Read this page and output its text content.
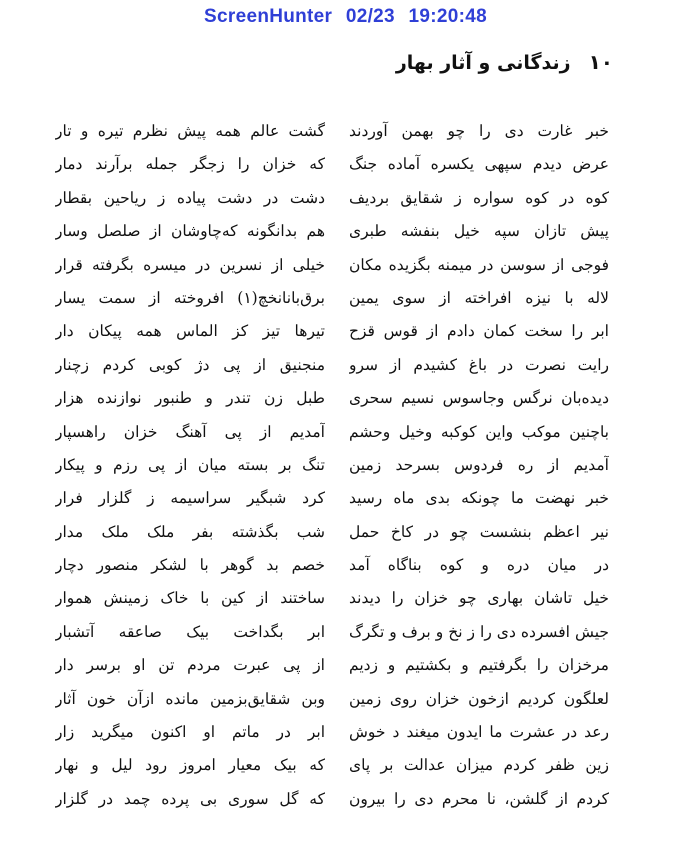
ScreenHunter 02/23 19:20:48
۱۰
زندگانی و آثار بهار
خبر غارت دی را چو بهمن آوردند
عرض دیدم سپهی یکسره آماده جنگ
کوه در کوه سواره ز شقایق بردیف
پیش تازان سپه خیل بنفشه طبری
فوجی از سوسن در میمنه بگزیده مکان
لاله با نیزه افراخته از سوی یمین
ابر را سخت کمان دادم از قوس قزح
رایت نصرت در باغ کشیدم از سرو
دیده‌بان نرگس وجاسوس نسیم سحری
باچنین موکب واین کوکبه وخیل وحشم
آمدیم از ره فردوس بسرحد زمین
خبر نهضت ما چونکه بدی ماه رسید
نیر اعظم بنشست چو در کاخ حمل
در میان دره و کوه بناگاه آمد
خیل تاشان بهاری چو خزان را دیدند
جیش افسرده دی را ز نخ و برف و تگرگ
مرخزان را بگرفتیم و بکشتیم و زدیم
لعلگون کردیم ازخون خزان روی زمین
رعد در عشرت ما ایدون میغند د خوش
زین ظفر کردم میزان عدالت بر پای
کردم از گلشن، نا محرم دی را بیرون
گشت عالم همه پیش نظرم تیره و تار
که خزان را زجگر جمله برآرند دمار
دشت در دشت پیاده ز ریاحین بقطار
هم بدانگونه که‌چاوشان از صلصل وسار
خیلی از نسرین در میسره بگرفته قرار
برق‌بانانخچ(۱) افروخته از سمت یسار
تیرها تیز کز الماس همه پیکان دار
منجنیق از پی دژ کوبی کردم زچنار
طبل زن تندر و طنبور نوازنده هزار
آمدیم از پی آهنگ خزان راهسپار
تنگ بر بسته میان از پی رزم و پیکار
کرد شبگیر سراسیمه ز گلزار فرار
شب بگذشته بفر ملک ملک مدار
خصم بد گوهر با لشکر منصور دچار
ساختند از کین با خاک زمینش هموار
ابر بگداخت بیک صاعقه آتشبار
از پی عبرت مردم تن او برسر دار
وبن شقایق‌بزمین مانده ازآن خون آثار
ابر در ماتم او اکنون میگرید زار
که بیک معیار امروز رود لیل و نهار
که گل سوری بی پرده چمد در گلزار
